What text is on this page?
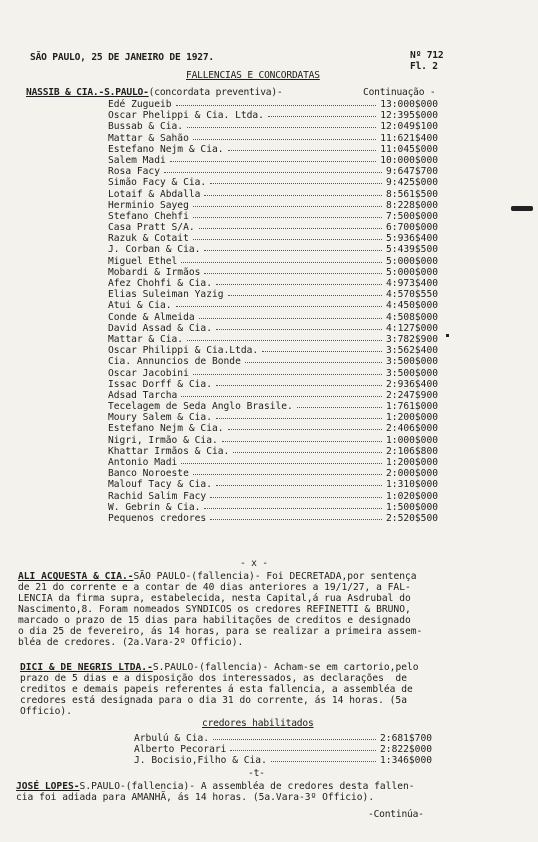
SÃO PAULO, 25 DE JANEIRO DE 1927.	Nº 712
Fl. 2
FALLENCIAS E CONCORDATAS
NASSIB & CIA.-S.PAULO-(concordata preventiva)-	Continuação -
Edé Zugueib	13:000$000
Oscar Phelippi & Cia. Ltda.	12:395$000
Bussab & Cia.	12:049$100
Mattar & Sahão	11:621$400
Estefano Nejm & Cia.	11:045$000
Salem Madi	10:000$000
Rosa Facy	9:647$700
Simão Facy & Cia.	9:425$000
Lotaif & Abdalla	8:561$500
Herminio Sayeg	8:228$000
Stefano Chehfi	7:500$000
Casa Pratt S/A.	6:700$000
Razuk & Cotait	5:936$400
J. Corban & Cia.	5:439$500
Miguel Ethel	5:000$000
Mobardi & Irmãos	5:000$000
Afez Chohfi & Cia.	4:973$400
Elias Suleiman Yazig	4:570$550
Atui & Cia.	4:450$000
Conde & Almeida	4:508$000
David Assad & Cia.	4:127$000
Mattar & Cia.	3:782$900
Oscar Philippi & Cia.Ltda.	3:562$400
Cia. Annuncios de Bonde	3:500$000
Oscar Jacobini	3:500$000
Issac Dorff & Cia.	2:936$400
Adsad Tarcha	2:247$900
Tecelagem de Seda Anglo Brasile.	1:761$000
Moury Salem & Cia.	1:200$000
Estefano Nejm & Cia.	2:406$000
Nigri, Irmão & Cia.	1:000$000
Khattar Irmãos & Cia.	2:106$800
Antonio Madi	1:200$000
Banco Noroeste	2:000$000
Malouf Tacy & Cia.	1:310$000
Rachid Salim Facy	1:020$000
W. Gebrin & Cia.	1:500$000
Pequenos credores	2:520$500
- x -
ALI ACQUESTA & CIA.-SÃO PAULO-(fallencia)- Foi DECRETADA,por sentença
de 21 do corrente e a contar de 40 dias anteriores a 19/1/27, a FAL-
LENCIA da firma supra, estabelecida, nesta Capital,á rua Asdrubal do
Nascimento,8. Foram nomeados SYNDICOS os credores REFINETTI & BRUNO,
marcado o prazo de 15 dias para habilitações de creditos e designado
o dia 25 de fevereiro, ás 14 horas, para se realizar a primeira assem-
bléa de credores. (2a.Vara-2º Officio).
DICI & DE NEGRIS LTDA.-S.PAULO-(fallencia)- Acham-se em cartorio,pelo
prazo de 5 dias e a disposição dos interessados, as declarações  de
creditos e demais papeis referentes á esta fallencia, a assembléa de
credores está designada para o dia 31 do corrente, ás 14 horas. (5a
Officio).
credores habilitados
Arbulú & Cia.	2:681$700
Alberto Pecorari	2:822$000
J. Bocisio,Filho & Cia.	1:346$000
-t-
JOSÉ LOPES-S.PAULO-(fallencia)- A assembléa de credores desta fallen-
cia foi adiada para AMANHÃ, ás 14 horas. (5a.Vara-3º Officio).
-Continúa-
